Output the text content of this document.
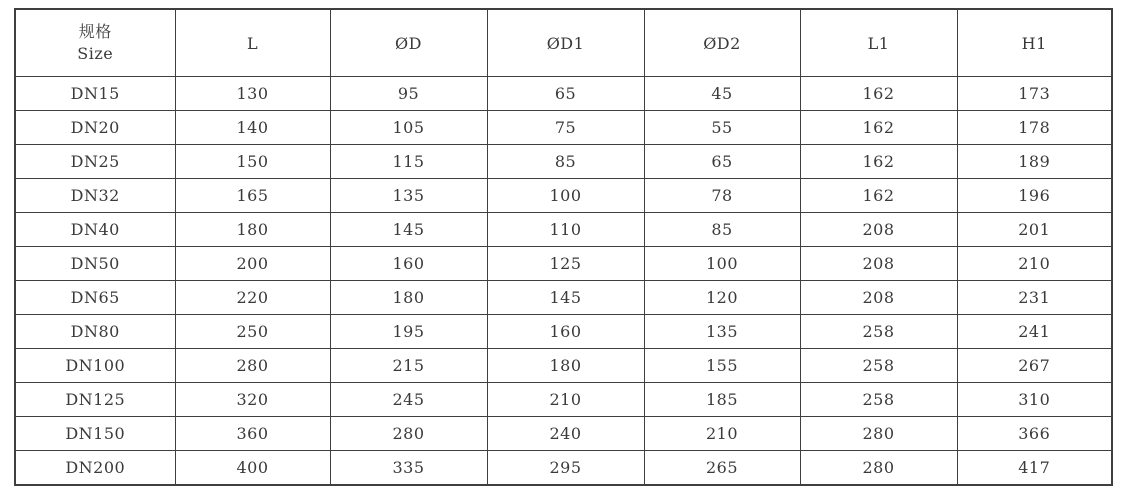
规格
Size	L	ØD	ØD1	ØD2	L1	H1
DN15	130	95	65	45	162	173
DN20	140	105	75	55	162	178
DN25	150	115	85	65	162	189
DN32	165	135	100	78	162	196
DN40	180	145	110	85	208	201
DN50	200	160	125	100	208	210
DN65	220	180	145	120	208	231
DN80	250	195	160	135	258	241
DN100	280	215	180	155	258	267
DN125	320	245	210	185	258	310
DN150	360	280	240	210	280	366
DN200	400	335	295	265	280	417
